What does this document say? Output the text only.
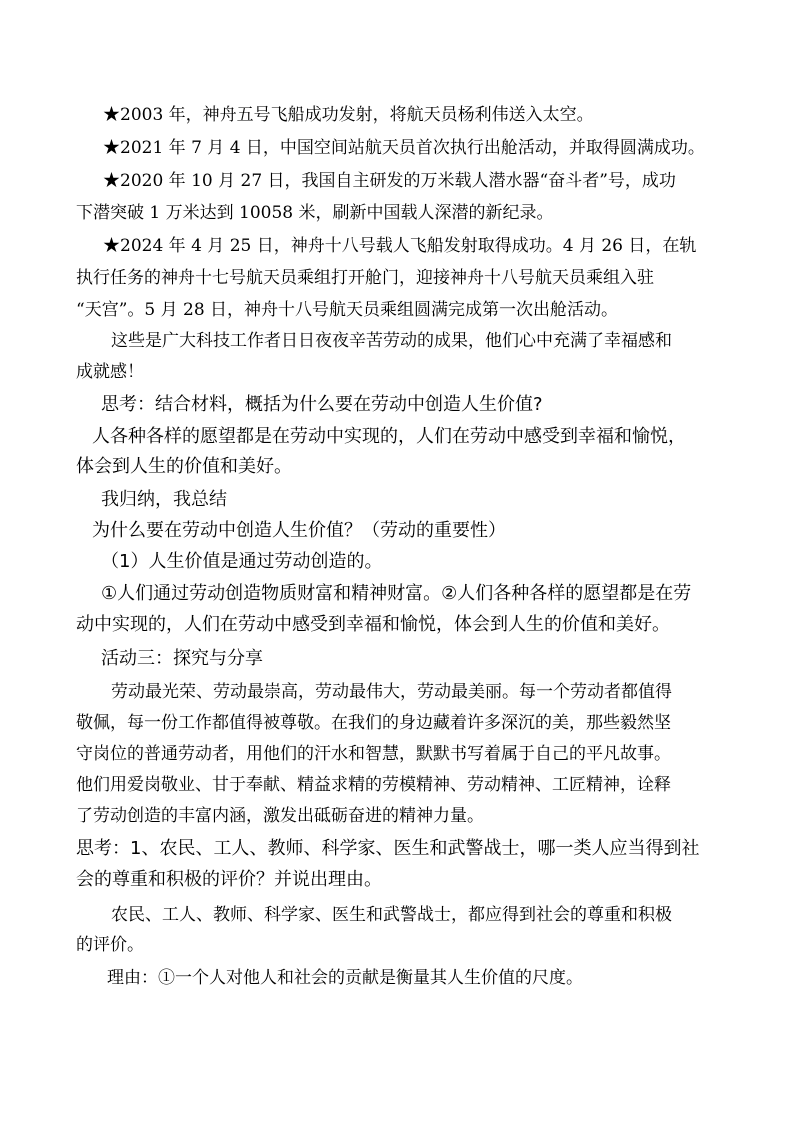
★2003 年，神舟五号飞船成功发射，将航天员杨利伟送入太空。
★2021 年 7 月 4 日，中国空间站航天员首次执行出舱活动，并取得圆满成功。
★2020 年 10 月 27 日，我国自主研发的万米载人潜水器“奋斗者”号，成功
下潜突破 1 万米达到 10058 米，刷新中国载人深潜的新纪录。
★2024 年 4 月 25 日，神舟十八号载人飞船发射取得成功。4 月 26 日，在轨
执行任务的神舟十七号航天员乘组打开舱门，迎接神舟十八号航天员乘组入驻
“天宫”。5 月 28 日，神舟十八号航天员乘组圆满完成第一次出舱活动。
这些是广大科技工作者日日夜夜辛苦劳动的成果，他们心中充满了幸福感和
成就感！
思考：结合材料，概括为什么要在劳动中创造人生价值?
人各种各样的愿望都是在劳动中实现的，人们在劳动中感受到幸福和愉悦，
体会到人生的价值和美好。
我归纳，我总结
为什么要在劳动中创造人生价值？（劳动的重要性）
（1）人生价值是通过劳动创造的。
①人们通过劳动创造物质财富和精神财富。②人们各种各样的愿望都是在劳
动中实现的，人们在劳动中感受到幸福和愉悦，体会到人生的价值和美好。
活动三：探究与分享
劳动最光荣、劳动最崇高，劳动最伟大，劳动最美丽。每一个劳动者都值得
敬佩，每一份工作都值得被尊敬。在我们的身边藏着许多深沉的美，那些毅然坚
守岗位的普通劳动者，用他们的汗水和智慧，默默书写着属于自己的平凡故事。
他们用爱岗敬业、甘于奉献、精益求精的劳模精神、劳动精神、工匠精神，诠释
了劳动创造的丰富内涵，激发出砥砺奋进的精神力量。
思考：1、农民、工人、教师、科学家、医生和武警战士，哪一类人应当得到社
会的尊重和积极的评价？并说出理由。
农民、工人、教师、科学家、医生和武警战士，都应得到社会的尊重和积极
的评价。
理由：①一个人对他人和社会的贡献是衡量其人生价值的尺度。
